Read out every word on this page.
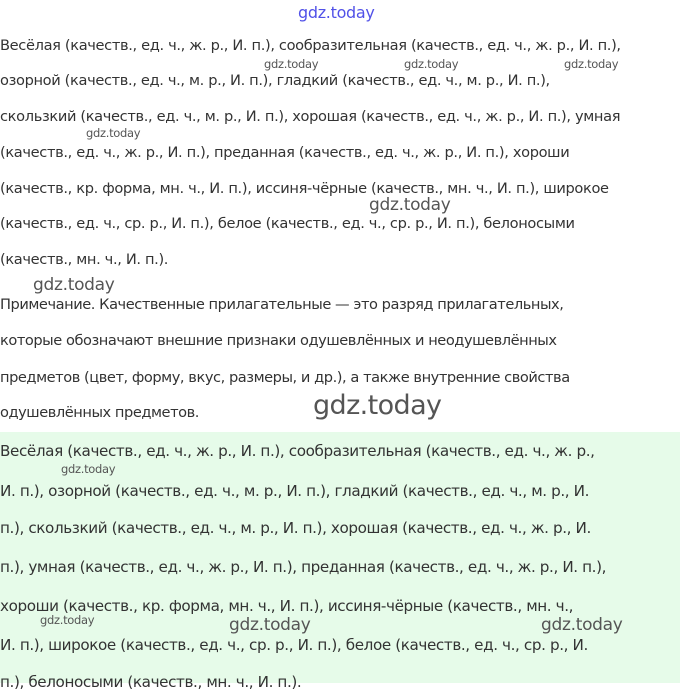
Весёлая (качеств., ед. ч., ж. р., И. п.), сообразительная (качеств., ед. ч., ж. р., И. п.),
озорной (качеств., ед. ч., м. р., И. п.), гладкий (качеств., ед. ч., м. р., И. п.),
скользкий (качеств., ед. ч., м. р., И. п.), хорошая (качеств., ед. ч., ж. р., И. п.), умная
(качеств., ед. ч., ж. р., И. п.), преданная (качеств., ед. ч., ж. р., И. п.), хороши
(качеств., кр. форма, мн. ч., И. п.), иссиня-чёрные (качеств., мн. ч., И. п.), широкое
(качеств., ед. ч., ср. р., И. п.), белое (качеств., ед. ч., ср. р., И. п.), белоносыми
(качеств., мн. ч., И. п.).
Примечание. Качественные прилагательные — это разряд прилагательных,
которые обозначают внешние признаки одушевлённых и неодушевлённых
предметов (цвет, форму, вкус, размеры, и др.), а также внутренние свойства
одушевлённых предметов.
Весёлая (качеств., ед. ч., ж. р., И. п.), сообразительная (качеств., ед. ч., ж. р.,
И. п.), озорной (качеств., ед. ч., м. р., И. п.), гладкий (качеств., ед. ч., м. р., И.
п.), скользкий (качеств., ед. ч., м. р., И. п.), хорошая (качеств., ед. ч., ж. р., И.
п.), умная (качеств., ед. ч., ж. р., И. п.), преданная (качеств., ед. ч., ж. р., И. п.),
хороши (качеств., кр. форма, мн. ч., И. п.), иссиня-чёрные (качеств., мн. ч.,
И. п.), широкое (качеств., ед. ч., ср. р., И. п.), белое (качеств., ед. ч., ср. р., И.
п.), белоносыми (качеств., мн. ч., И. п.).
gdz.today
gdz.today	gdz.today	gdz.today
gdz.today
gdz.today
gdz.today
gdz.today
gdz.today
gdz.today	gdz.today	gdz.today
